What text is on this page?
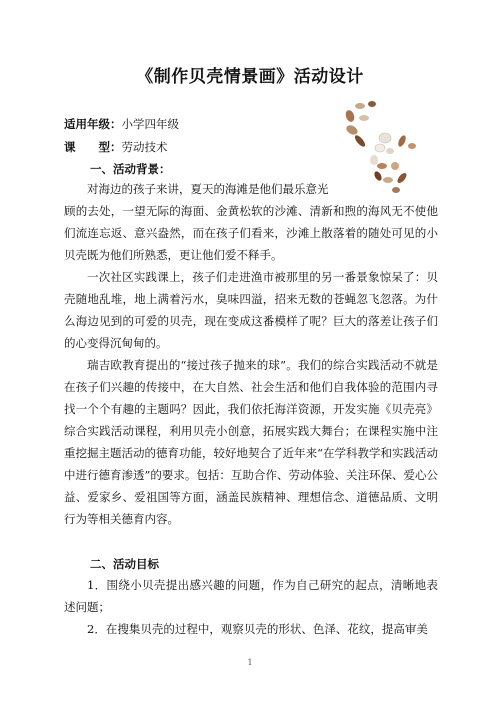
《制作贝壳情景画》活动设计
适用年级：小学四年级
课　　型：劳动技术
一、活动背景：
对海边的孩子来讲，夏天的海滩是他们最乐意光
顾的去处，一望无际的海面、金黄松软的沙滩、清新和煦的海风无不使他们流连忘返、意兴盎然，而在孩子们看来，沙滩上散落着的随处可见的小贝壳既为他们所熟悉，更让他们爱不释手。
一次社区实践课上，孩子们走进渔市被那里的另一番景象惊呆了：贝壳随地乱堆，地上满着污水，臭味四溢，招来无数的苍蝇忽飞忽落。为什么海边见到的可爱的贝壳，现在变成这番模样了呢？巨大的落差让孩子们的心变得沉甸甸的。
瑞吉欧教育提出的“接过孩子抛来的球”。我们的综合实践活动不就是在孩子们兴趣的传接中，在大自然、社会生活和他们自我体验的范围内寻找一个个有趣的主题吗？因此，我们依托海洋资源，开发实施《贝壳亮》综合实践活动课程，利用贝壳小创意，拓展实践大舞台；在课程实施中注重挖掘主题活动的德育功能，较好地契合了近年来“在学科教学和实践活动中进行德育渗透”的要求。包括：互助合作、劳动体验、关注环保、爱心公益、爱家乡、爱祖国等方面，涵盖民族精神、理想信念、道德品质、文明行为等相关德育内容。
二、活动目标
1．围绕小贝壳提出感兴趣的问题，作为自己研究的起点，清晰地表述问题；
2．在搜集贝壳的过程中，观察贝壳的形状、色泽、花纹，提高审美
1
